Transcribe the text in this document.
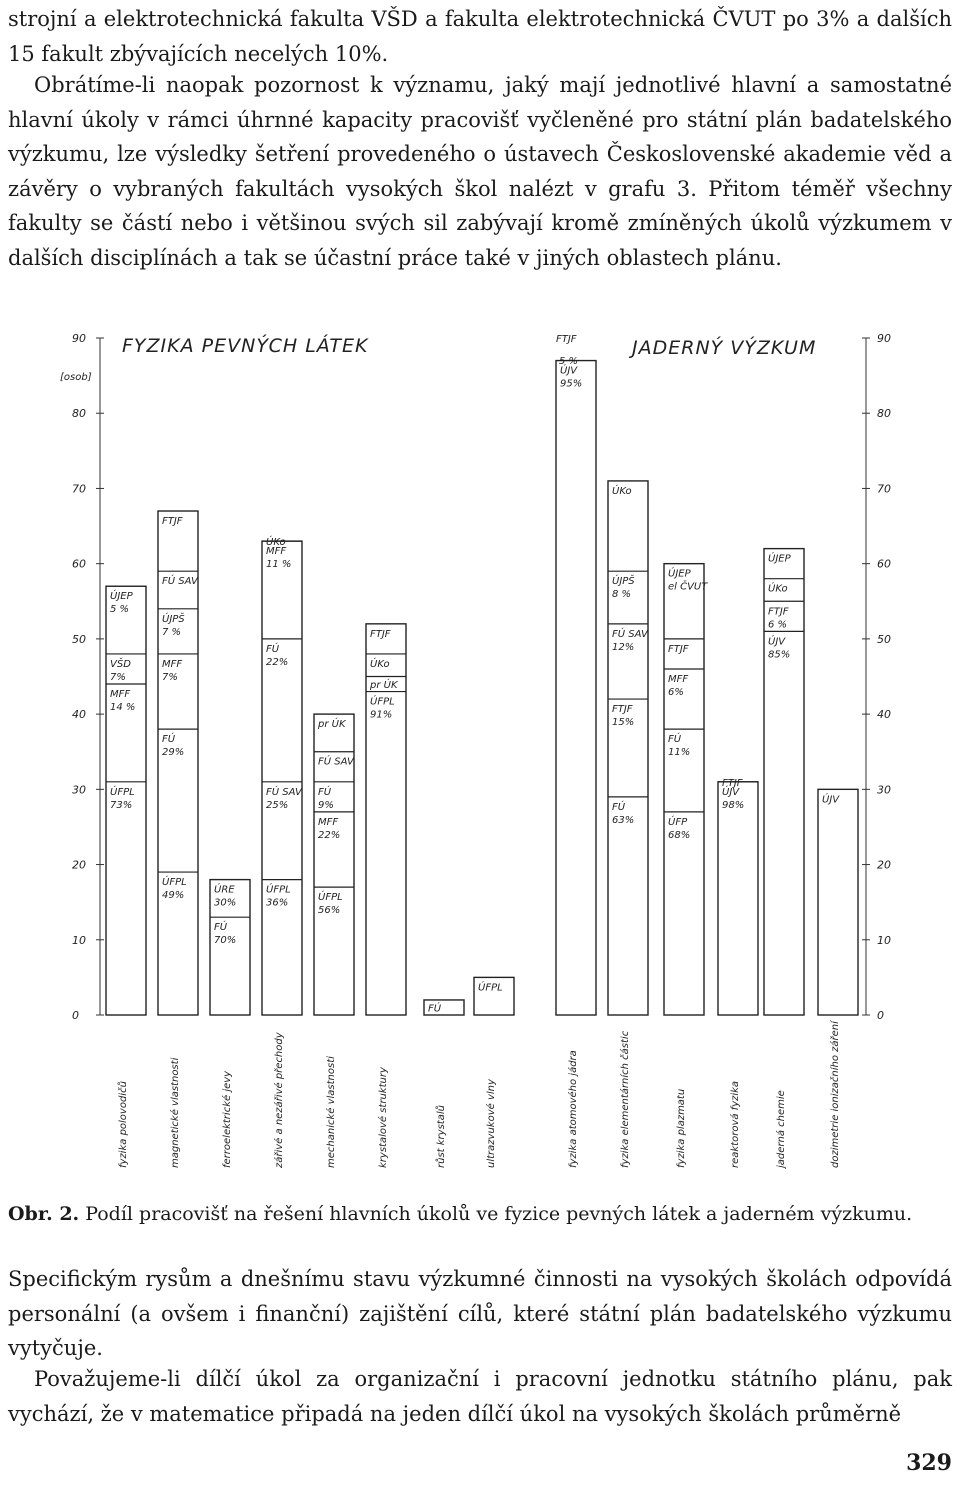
strojní a elektrotechnická fakulta VŠD a fakulta elektrotechnická ČVUT po 3% a dalších 15 fakult zbývajících necelých 10%.

Obrátíme-li naopak pozornost k významu, jaký mají jednotlivé hlavní a samostatné hlavní úkoly v rámci úhrnné kapacity pracovišť vyčleněné pro státní plán badatelského výzkumu, lze výsledky šetření provedeného o ústavech Československé akademie věd a závěry o vybraných fakultách vysokých škol nalézt v grafu 3. Přitom téměř všechny fakulty se částí nebo i většinou svých sil zabývají kromě zmíněných úkolů výzkumem v dalších disciplínách a tak se účastní práce také v jiných oblastech plánu.

[osob]
FYZIKA PEVNÝCH LÁTEK	JADERNÝ VÝZKUM
FTJF
5 %
0	0
10	10
20	20
30	30
40	40
50	50
60	60
70	70
80	80
90	90
ÚFPL
73%
MFF
14 %
VŠD
7%
ÚJEP
5 %
ÚFPL
49%
FÚ
29%
MFF
7%
ÚJPŠ
7 %
FÚ SAV
FTJF
FÚ
70%
ÚRE
30%
ÚFPL
36%
FÚ SAV
25%
FÚ
22%
MFF
11 %
ÚKo
ÚFPL
56%
MFF
22%
FÚ
9%
FÚ SAV
pr ÚK
ÚFPL
91%
pr ÚK
ÚKo
FTJF
FÚ
ÚFPL
ÚJV
95%
FÚ
63%
FTJF
15%
FÚ SAV
12%
ÚJPŠ
8 %
ÚKo
ÚFP
68%
FÚ
11%
MFF
6%
FTJF
ÚJEP
el ČVUT
ÚJV
98%
FTJF
ÚJV
85%
FTJF
6 %
ÚKo
ÚJEP
ÚJV
fyzika polovodičů	magnetické vlastnosti	ferroelektrické jevy	zářivé a nezářivé přechody	mechanické vlastnosti	krystalové struktury	růst krystalů	ultrazvukové vlny	fyzika atomového jádra	fyzika elementárních částic	fyzika plazmatu	reaktorová fyzika	jaderná chemie	dozimetrie ionizačního záření
Obr. 2. Podíl pracovišť na řešení hlavních úkolů ve fyzice pevných látek a jaderném výzkumu.

Specifickým rysům a dnešnímu stavu výzkumné činnosti na vysokých školách odpovídá personální (a ovšem i finanční) zajištění cílů, které státní plán badatelského výzkumu vytyčuje.

Považujeme-li dílčí úkol za organizační i pracovní jednotku státního plánu, pak vychází, že v matematice připadá na jeden dílčí úkol na vysokých školách průměrně

329
